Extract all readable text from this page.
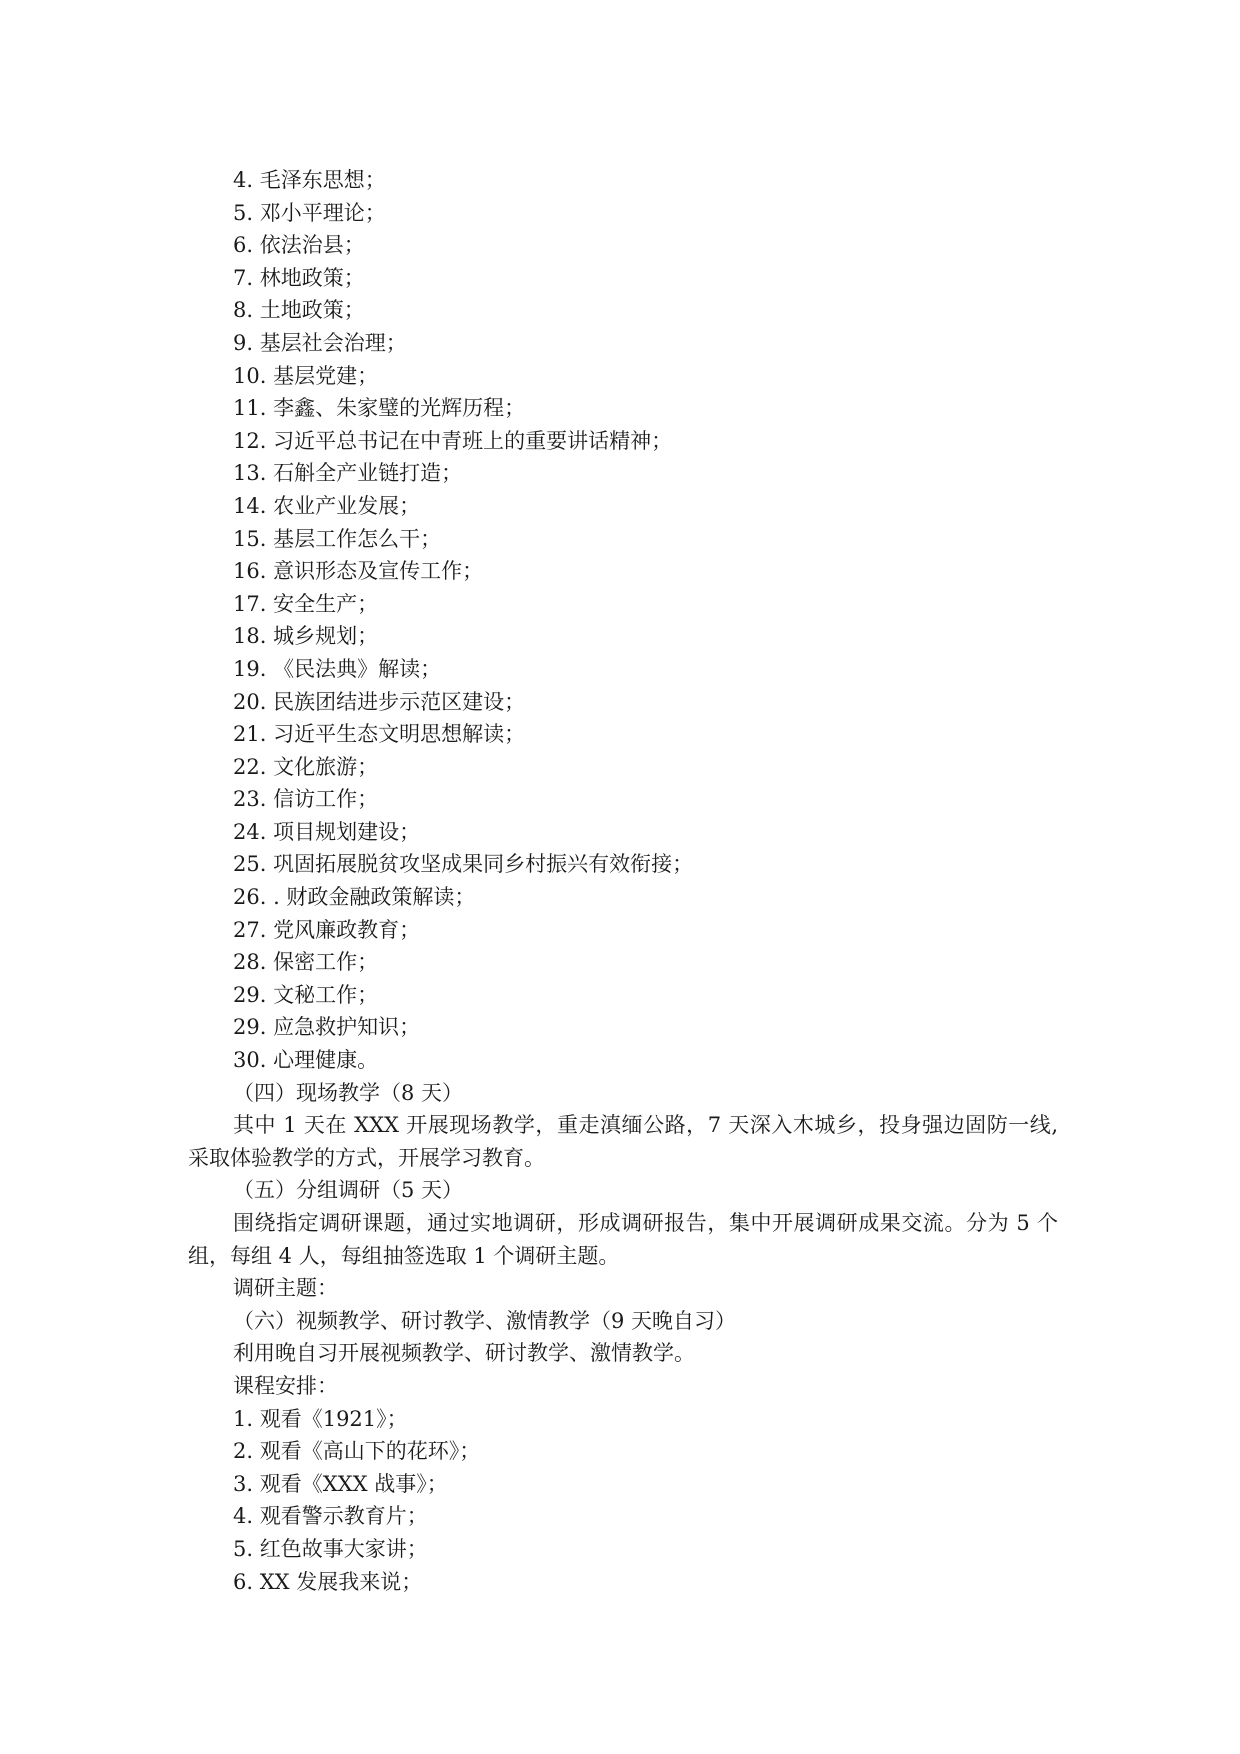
4. 毛泽东思想；
5. 邓小平理论；
6. 依法治县；
7. 林地政策；
8. 土地政策；
9. 基层社会治理；
10. 基层党建；
11. 李鑫、朱家璧的光辉历程；
12. 习近平总书记在中青班上的重要讲话精神；
13. 石斛全产业链打造；
14. 农业产业发展；
15. 基层工作怎么干；
16. 意识形态及宣传工作；
17. 安全生产；
18. 城乡规划；
19. 《民法典》解读；
20. 民族团结进步示范区建设；
21. 习近平生态文明思想解读；
22. 文化旅游；
23. 信访工作；
24. 项目规划建设；
25. 巩固拓展脱贫攻坚成果同乡村振兴有效衔接；
26. . 财政金融政策解读；
27. 党风廉政教育；
28. 保密工作；
29. 文秘工作；
29. 应急救护知识；
30. 心理健康。
（四）现场教学（8 天）
其中 1 天在 XXX 开展现场教学，重走滇缅公路，7 天深入木城乡，投身强边固防一线, 采取体验教学的方式，开展学习教育。
（五）分组调研（5 天）
围绕指定调研课题，通过实地调研，形成调研报告，集中开展调研成果交流。分为 5 个组，每组 4 人，每组抽签选取 1 个调研主题。
调研主题：
（六）视频教学、研讨教学、激情教学（9 天晚自习）
利用晚自习开展视频教学、研讨教学、激情教学。
课程安排：
1. 观看《1921》；
2. 观看《高山下的花环》；
3. 观看《XXX 战事》；
4. 观看警示教育片；
5. 红色故事大家讲；
6. XX 发展我来说；
